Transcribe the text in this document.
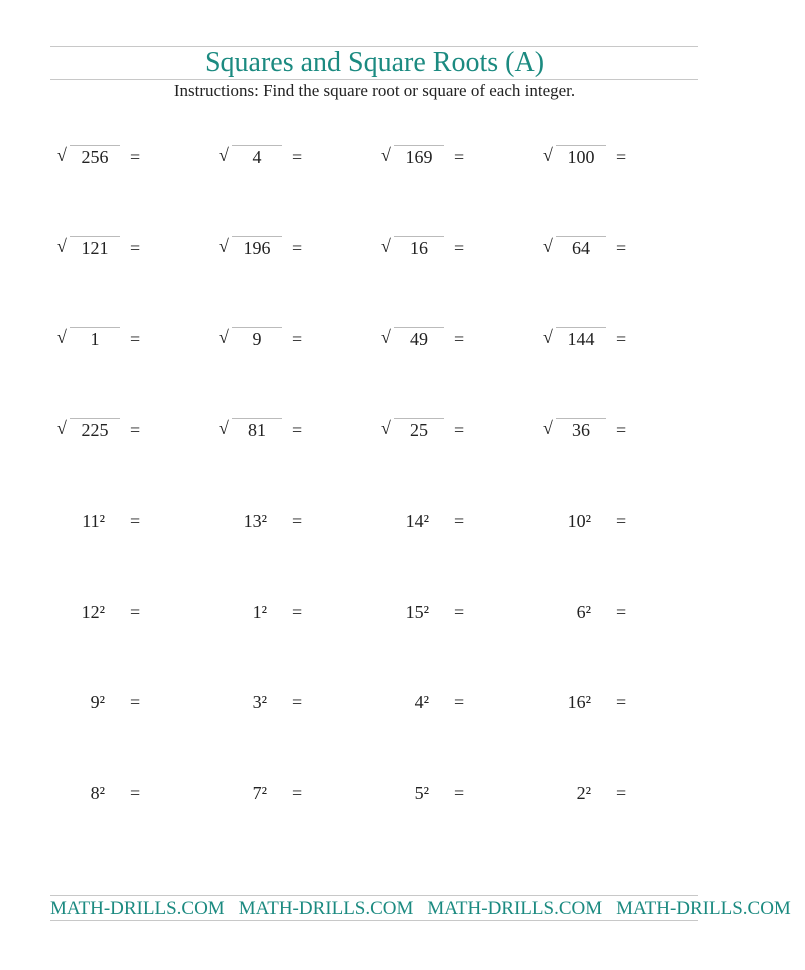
Squares and Square Roots (A)
Instructions: Find the square root or square of each integer.
√ 256	=	√	4	=	√ 169	=	√ 100	=
√ 121	=	√ 196	=	√	16	=	√	64	=
√	1	=	√	9	=	√	49	=	√ 144	=
√ 225	=	√	81	=	√	25	=	√	36	=
11² =	13² =	14² =	10² =
12² =	1² =	15² =	6² =
9² =	3² =	4² =	16² =
8² =	7² =	5² =	2² =
MATH-DRILLS.COM MATH-DRILLS.COM MATH-DRILLS.COM MATH-DRILLS.COM
